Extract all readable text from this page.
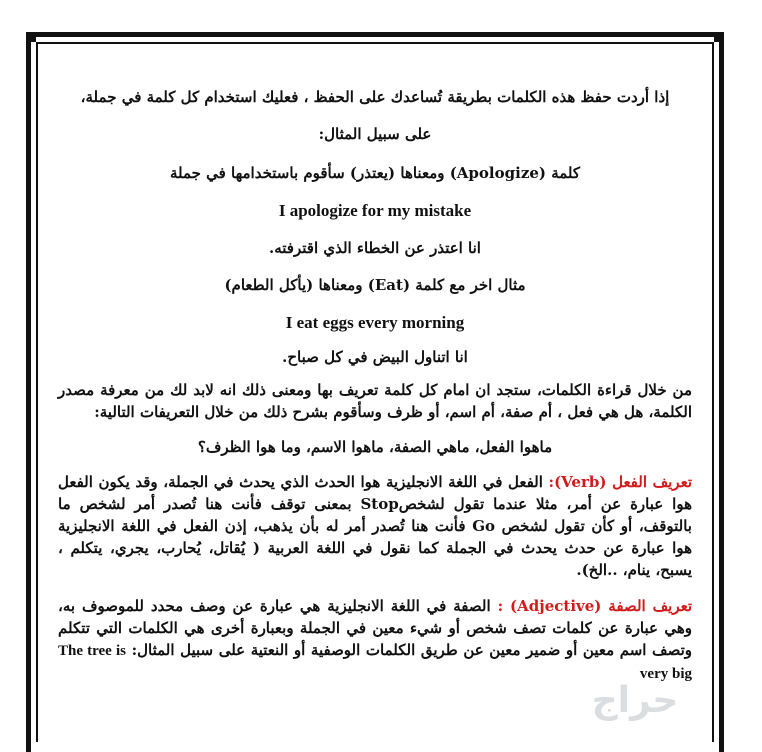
إذا أردت حفظ هذه الكلمات بطريقة تُساعدك على الحفظ ، فعليك استخدام كل كلمة في جملة،

على سبيل المثال:

كلمة (Apologize) ومعناها (يعتذر) سأقوم باستخدامها في جملة

I apologize for my mistake

انا اعتذر عن الخطاء الذي اقترفته.

مثال اخر مع كلمة (Eat) ومعناها (يأكل الطعام)

I eat eggs every morning

انا اتناول البيض في كل صباح.

من خلال قراءة الكلمات، ستجد ان امام كل كلمة تعريف بها ومعنى ذلك انه لابد لك من معرفة مصدر الكلمة، هل هي فعل ، أم صفة، أم اسم، أو ظرف وسأقوم بشرح ذلك من خلال التعريفات التالية:

ماهوا الفعل، ماهي الصفة، ماهوا الاسم، وما هوا الظرف؟

تعريف الفعل (Verb): الفعل في اللغة الانجليزية هوا الحدث الذي يحدث في الجملة، وقد يكون الفعل هوا عبارة عن أمر، مثلا عندما تقول لشخصStop بمعنى توقف فأنت هنا تُصدر أمر لشخص ما بالتوقف، أو كأن تقول لشخص Go فأنت هنا تُصدر أمر له بأن يذهب، إذن الفعل في اللغة الانجليزية هوا عبارة عن حدث يحدث في الجملة كما نقول في اللغة العربية ( يُقاتل، يُحارب، يجري، يتكلم ، يسبح، ينام، ..الخ).

تعريف الصفة (Adjective) : الصفة في اللغة الانجليزية هي عبارة عن وصف محدد للموصوف به، وهي عبارة عن كلمات تصف شخص أو شيء معين في الجملة وبعبارة أخرى هي الكلمات التي تتكلم وتصف اسم معين أو ضمير معين عن طريق الكلمات الوصفية أو النعتية على سبيل المثال: The tree is very big

حراج
